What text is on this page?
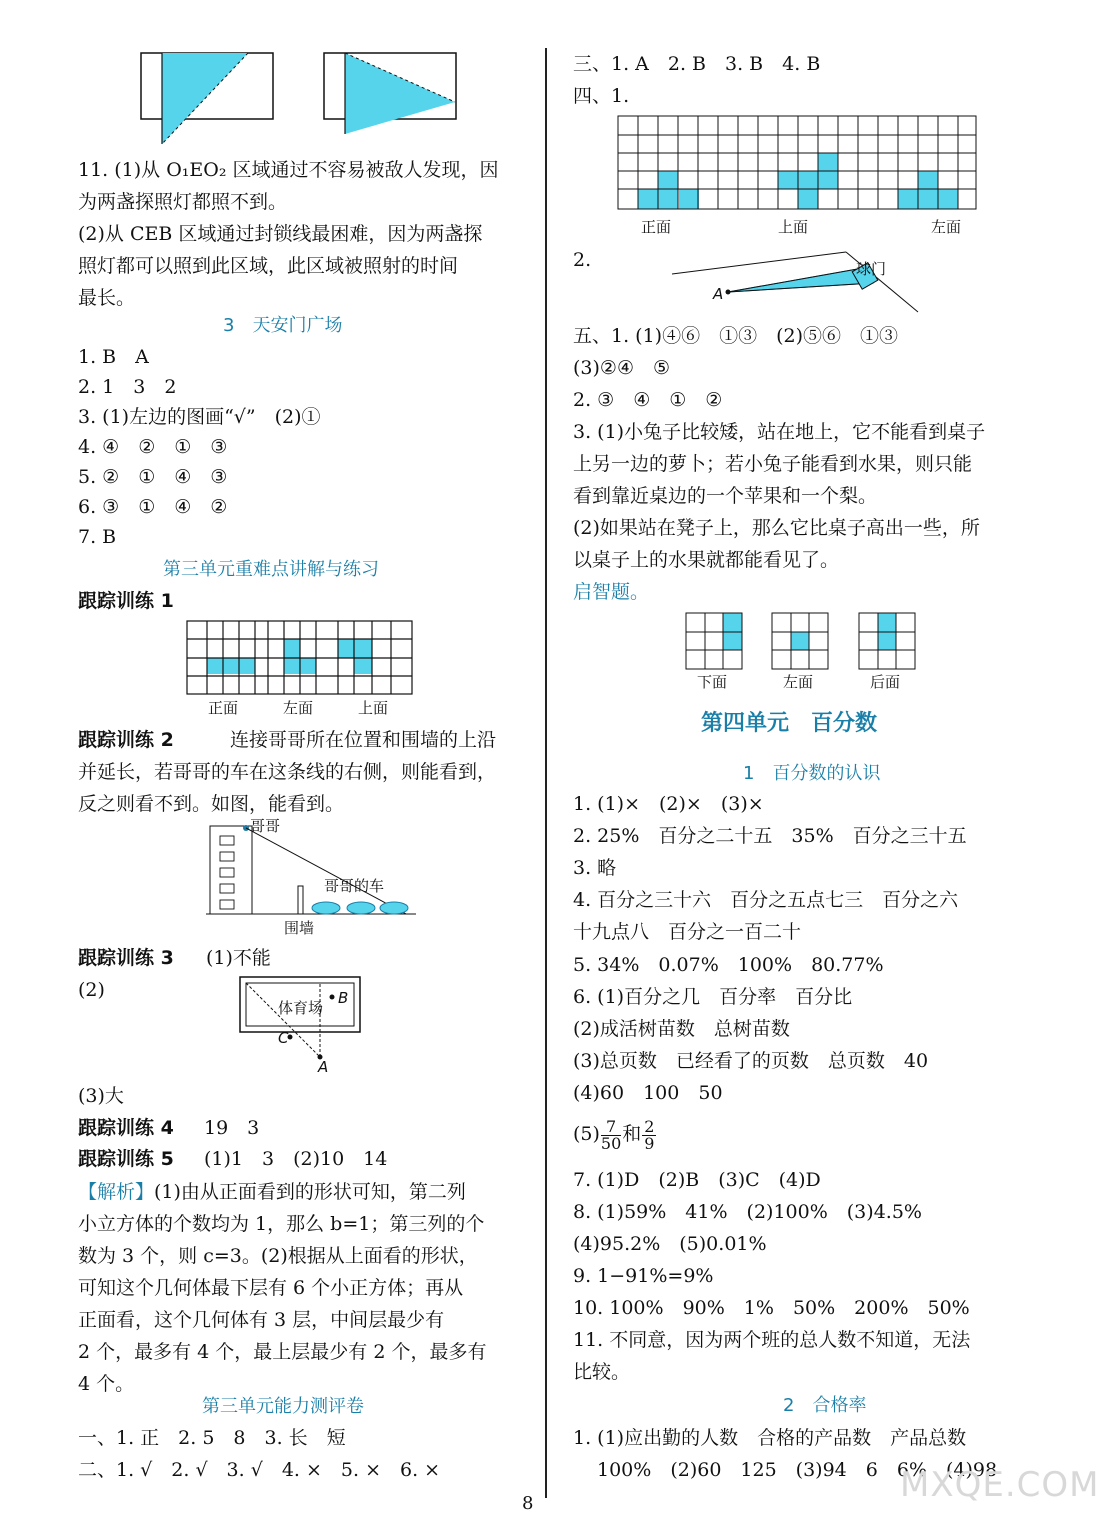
11. (1)从 O₁EO₂ 区域通过不容易被敌人发现，因
为两盏探照灯都照不到。
(2)从 CEB 区域通过封锁线最困难，因为两盏探
照灯都可以照到此区域，此区域被照射的时间
最长。
3　天安门广场
1. B　A
2. 1　3　2
3. (1)左边的图画“√”　(2)①
4. ④　②　①　③
5. ②　①　④　③
6. ③　①　④　②
7. B
第三单元重难点讲解与练习
跟踪训练 1
正面	左面	上面
跟踪训练 2	连接哥哥所在位置和围墙的上沿
并延长，若哥哥的车在这条线的右侧，则能看到，
反之则看不到。如图，能看到。
哥哥
哥哥的车
围墙
跟踪训练 3 (1)不能
(2)
体育场
B
C
A
(3)大
跟踪训练 4 19　3
跟踪训练 5 (1)1　3　(2)10　14
【解析】 (1)由从正面看到的形状可知，第二列
小立方体的个数均为 1，那么 b=1；第三列的个
数为 3 个，则 c=3。(2)根据从上面看的形状，
可知这个几何体最下层有 6 个小正方体；再从
正面看，这个几何体有 3 层，中间层最少有
2 个，最多有 4 个，最上层最少有 2 个，最多有
4 个。
第三单元能力测评卷
一、1. 正　2. 5　8　3. 长　短
二、1. √　2. √　3. √　4. ×　5. ×　6. ×
三、1. A　2. B　3. B　4. B
四、1.
正面	上面	左面
2.	球门
A
五、1. (1)④⑥　①③　(2)⑤⑥　①③
(3)②④　⑤
2. ③　④　①　②
3. (1)小兔子比较矮，站在地上，它不能看到桌子
上另一边的萝卜；若小兔子能看到水果，则只能
看到靠近桌边的一个苹果和一个梨。
(2)如果站在凳子上，那么它比桌子高出一些，所
以桌子上的水果就都能看见了。
启智题。
下面	左面	后面
第四单元　百分数
1　百分数的认识
1. (1)×　(2)×　(3)×
2. 25%　百分之二十五　35%　百分之三十五
3. 略
4. 百分之三十六　百分之五点七三　百分之六
十九点八　百分之一百二十
5. 34%　0.07%　100%　80.77%
6. (1)百分之几　百分率　百分比
(2)成活树苗数　总树苗数
(3)总页数　已经看了的页数　总页数　40
(4)60　100　50
$(5) \frac{7}{50}$ 和 $\frac{2}{9}$
7. (1)D　(2)B　(3)C　(4)D
8. (1)59%　41%　(2)100%　(3)4.5%
(4)95.2%　(5)0.01%
9. 1−91%=9%
10. 100%　90%　1%　50%　200%　50%
11. 不同意，因为两个班的总人数不知道，无法
比较。
2　合格率
1. (1)应出勤的人数　合格的产品数　产品总数
100%　(2)60　125　(3)94　6　6%　(4)98
8	MXQE.COM
